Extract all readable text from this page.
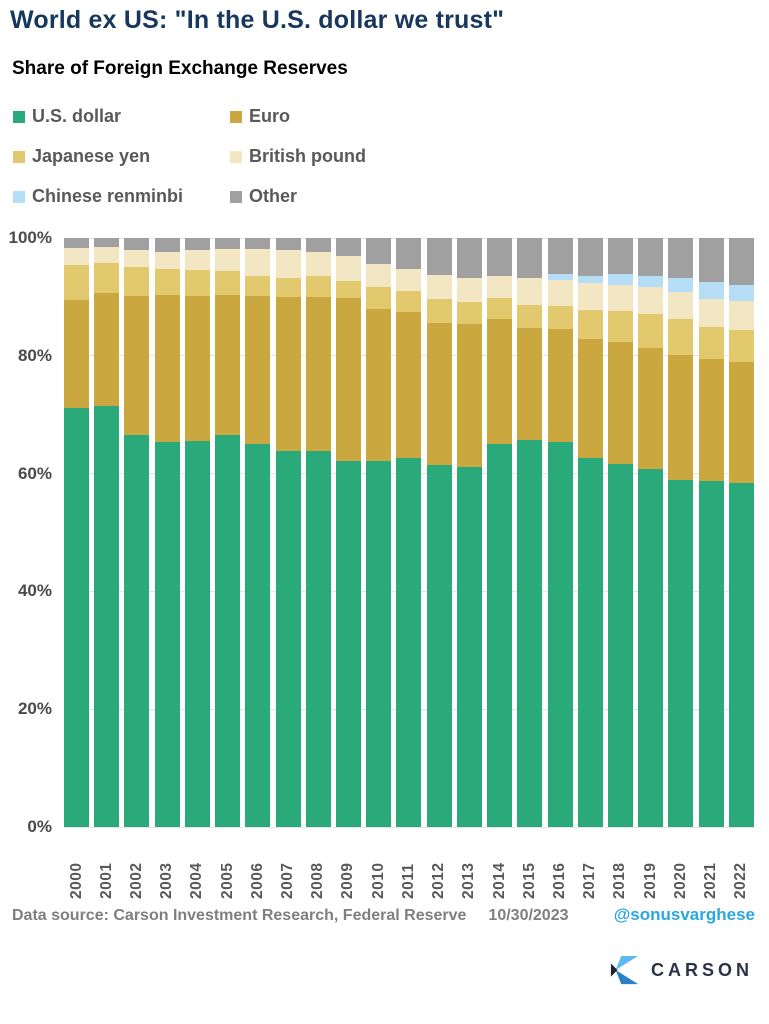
World ex US: "In the U.S. dollar we trust"
Share of Foreign Exchange Reserves
U.S. dollar	Euro
Japanese yen	British pound
Chinese renminbi	Other
100%
80%
60%
40%
20%
0%
2000 2001 2002 2003 2004 2005 2006 2007 2008 2009 2010 2011 2012 2013 2014 2015 2016 2017 2018 2019 2020 2021 2022
Data source: Carson Investment Research, Federal Reserve 10/30/2023	@sonusvarghese
CARSON
